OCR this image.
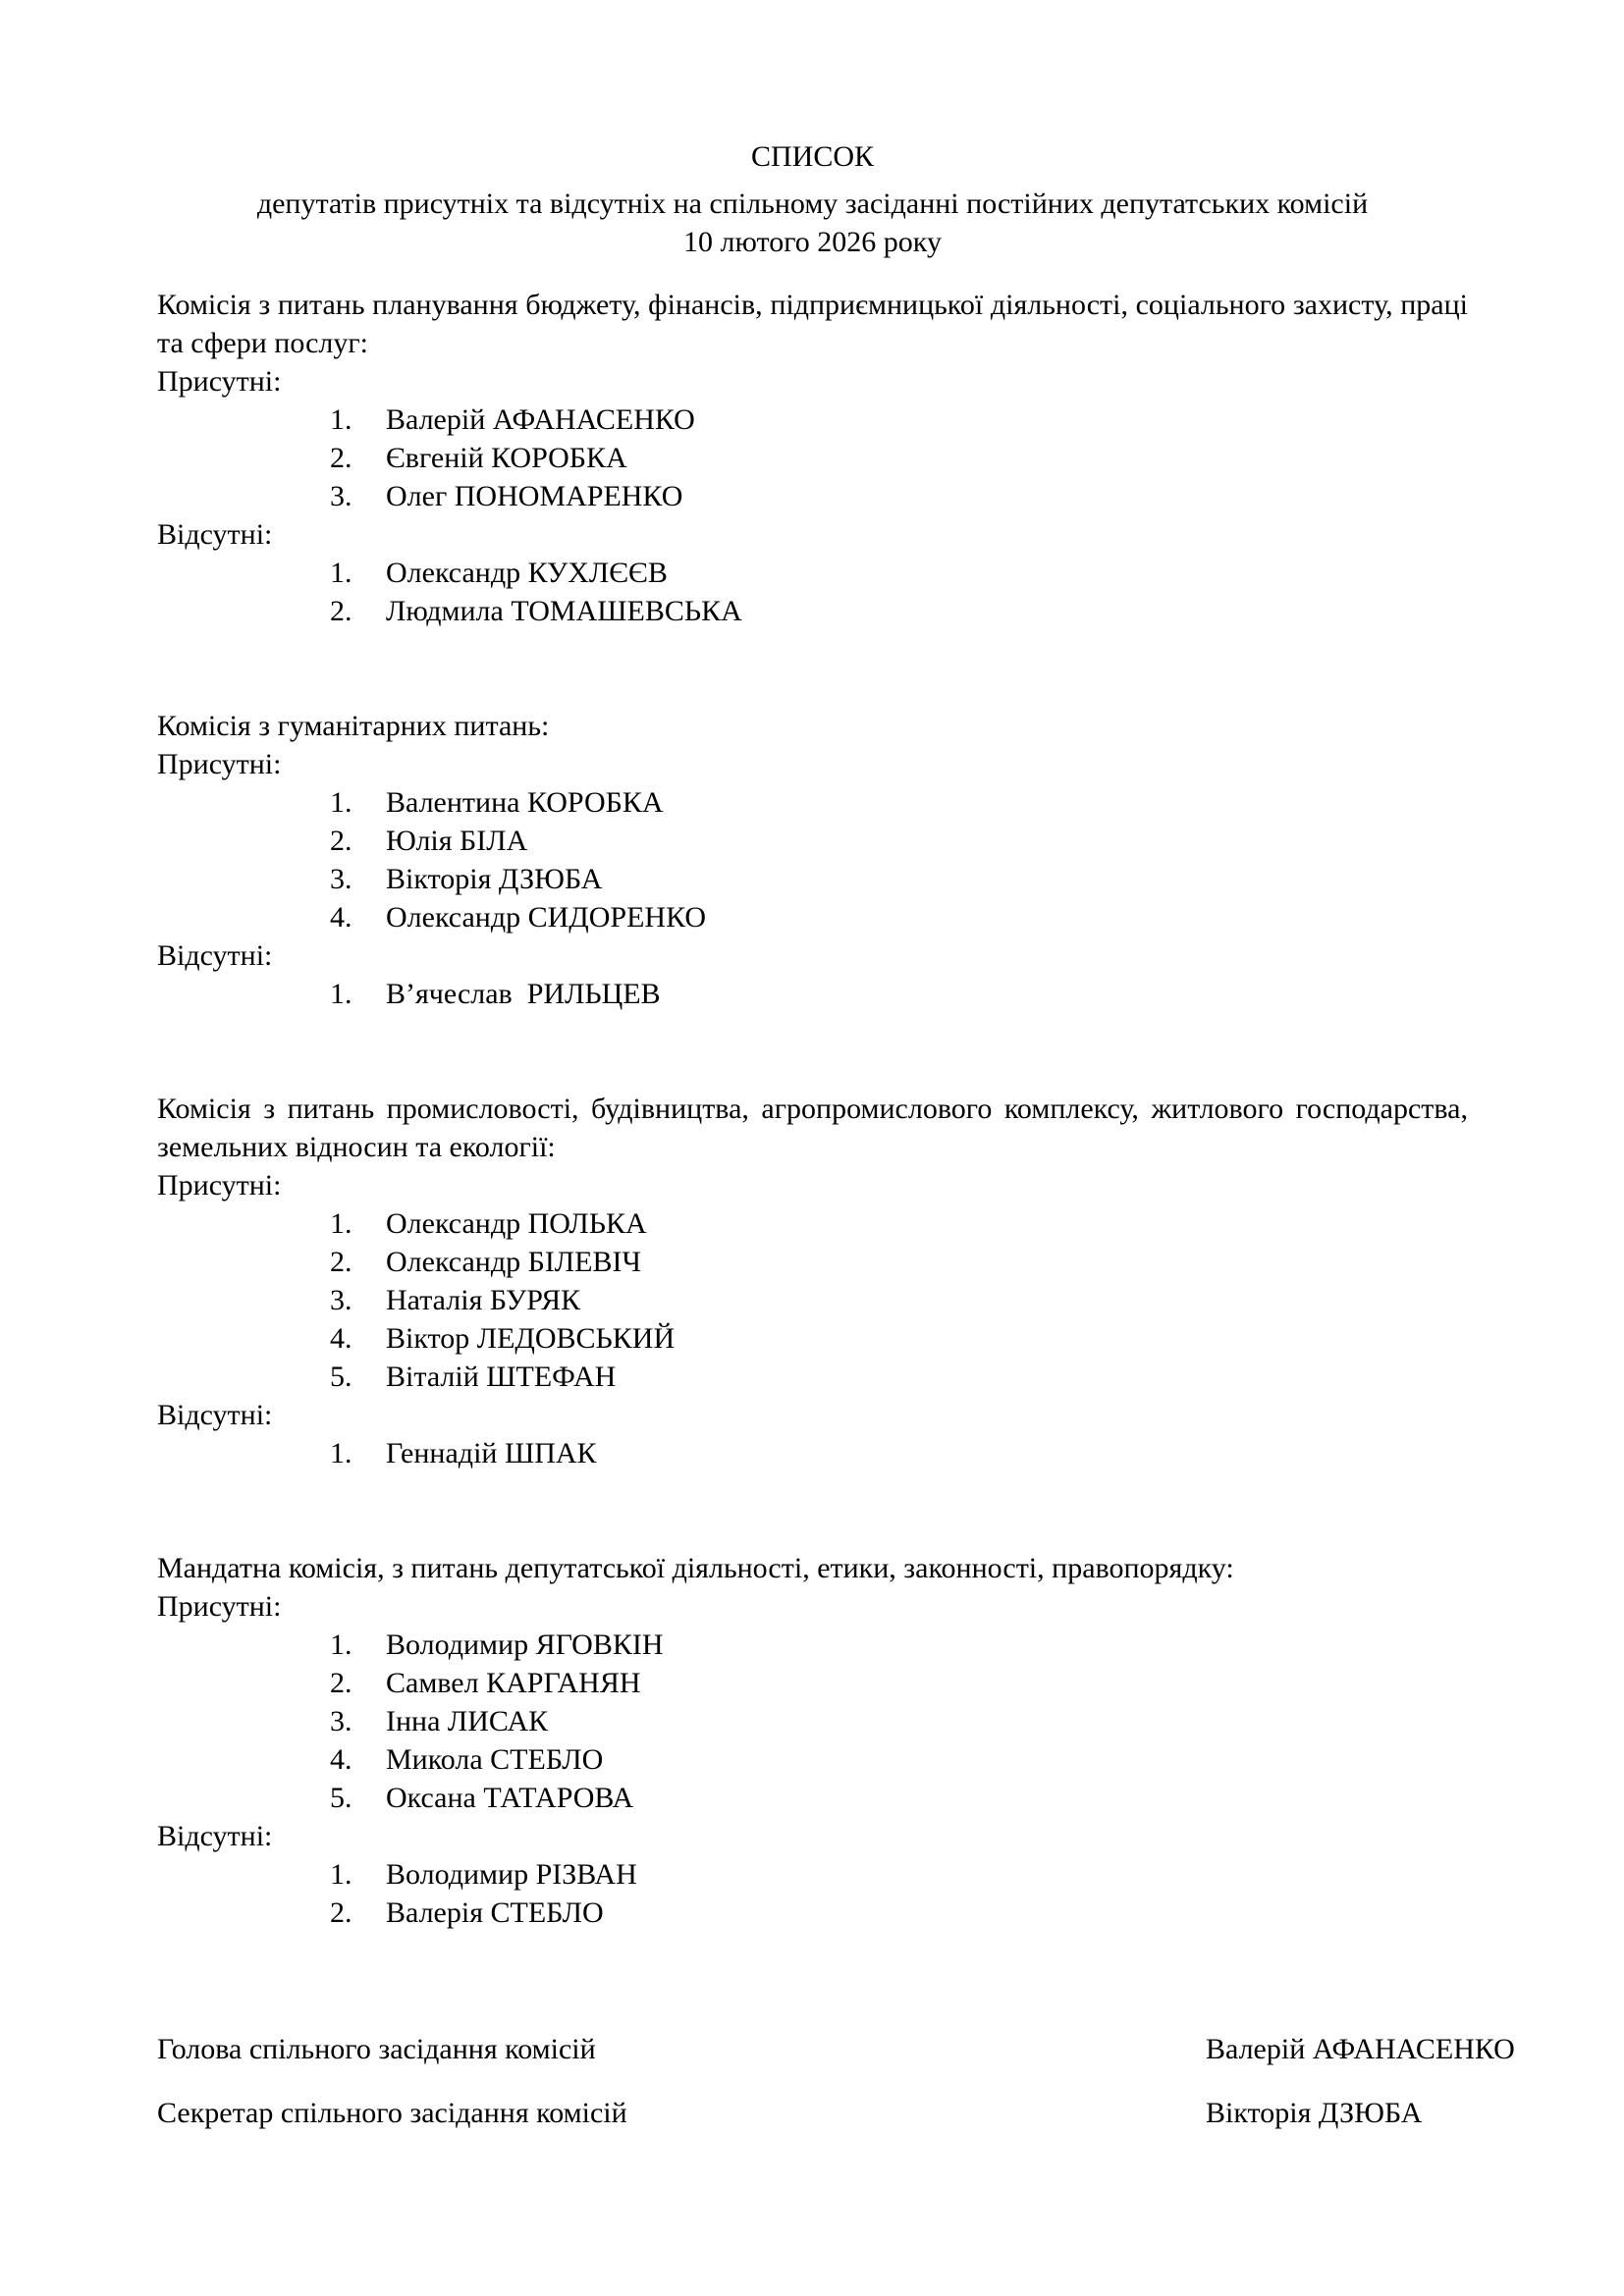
СПИСОК
депутатів присутніх та відсутніх на спільному засіданні постійних депутатських комісій
10 лютого 2026 року

Комісія з питань планування бюджету, фінансів, підприємницької діяльності, соціального захисту, праці та сфери послуг:

Присутні:

1. Валерій АФАНАСЕНКО
2. Євгеній КОРОБКА
3. Олег ПОНОМАРЕНКО

Відсутні:

1. Олександр КУХЛЄЄВ
2. Людмила ТОМАШЕВСЬКА

Комісія з гуманітарних питань:

Присутні:

1. Валентина КОРОБКА
2. Юлія БІЛА
3. Вікторія ДЗЮБА
4. Олександр СИДОРЕНКО

Відсутні:

1. В’ячеслав  РИЛЬЦЕВ

Комісія з питань промисловості, будівництва, агропромислового комплексу, житлового господарства, земельних відносин та екології:

Присутні:

1. Олександр ПОЛЬКА
2. Олександр БІЛЕВІЧ
3. Наталія БУРЯК
4. Віктор ЛЕДОВСЬКИЙ
5. Віталій ШТЕФАН

Відсутні:

1. Геннадій ШПАК

Мандатна комісія, з питань депутатської діяльності, етики, законності, правопорядку:

Присутні:

1. Володимир ЯГОВКІН
2. Самвел КАРГАНЯН
3. Інна ЛИСАК
4. Микола СТЕБЛО
5. Оксана ТАТАРОВА

Відсутні:

1. Володимир РІЗВАН
2. Валерія СТЕБЛО
Голова спільного засідання комісій	Валерій АФАНАСЕНКО
Секретар спільного засідання комісій	Вікторія ДЗЮБА
